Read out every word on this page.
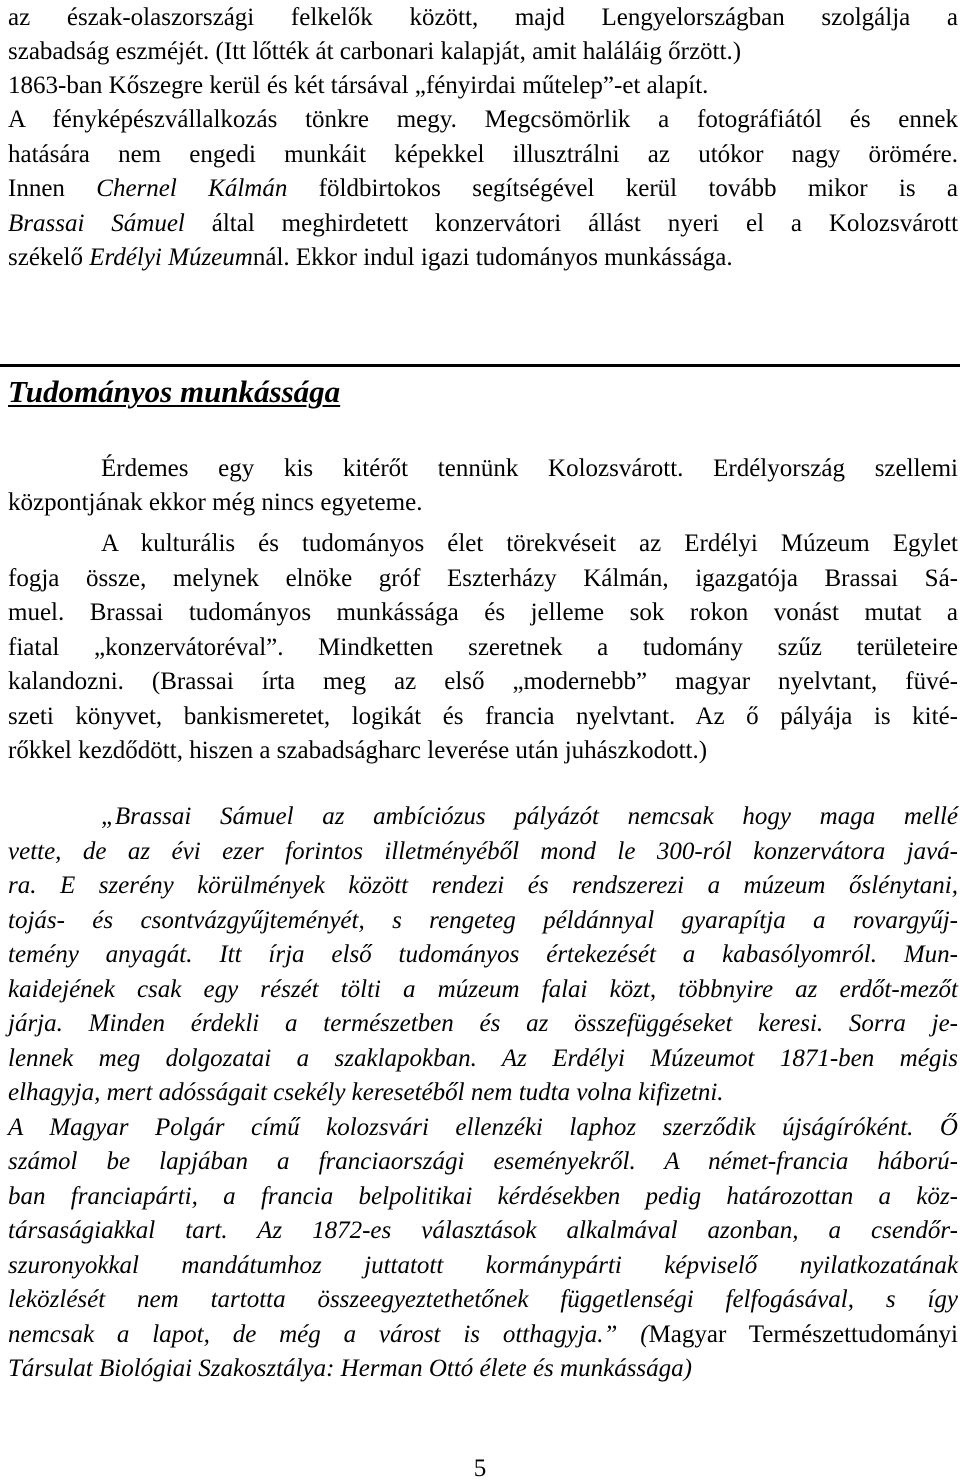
az észak-olaszországi felkelők között, majd Lengyelországban szolgálja a
szabadság eszméjét. (Itt lőtték át carbonari kalapját, amit haláláig őrzött.)
1863-ban Kőszegre kerül és két társával „fényirdai műtelep”-et alapít.
A fényképészvállalkozás tönkre megy. Megcsömörlik a fotográfiától és ennek
hatására nem engedi munkáit képekkel illusztrálni az utókor nagy örömére.
Innen Chernel Kálmán földbirtokos segítségével kerül tovább mikor is a
Brassai Sámuel által meghirdetett konzervátori állást nyeri el a Kolozsvárott
székelő Erdélyi Múzeumnál. Ekkor indul igazi tudományos munkássága.
Tudományos munkássága
Érdemes egy kis kitérőt tennünk Kolozsvárott. Erdélyország szellemi
központjának ekkor még nincs egyeteme.
A kulturális és tudományos élet törekvéseit az Erdélyi Múzeum Egylet
fogja össze, melynek elnöke gróf Eszterházy Kálmán, igazgatója Brassai Sá-
muel. Brassai tudományos munkássága és jelleme sok rokon vonást mutat a
fiatal „konzervátoréval”. Mindketten szeretnek a tudomány szűz területeire
kalandozni. (Brassai írta meg az első „modernebb” magyar nyelvtant, füvé-
szeti könyvet, bankismeretet, logikát és francia nyelvtant. Az ő pályája is kité-
rőkkel kezdődött, hiszen a szabadságharc leverése után juhászkodott.)
„Brassai Sámuel az ambíciózus pályázót nemcsak hogy maga mellé
vette, de az évi ezer forintos illetményéből mond le 300-ról konzervátora javá-
ra. E szerény körülmények között rendezi és rendszerezi a múzeum őslénytani,
tojás- és csontvázgyűjteményét, s rengeteg példánnyal gyarapítja a rovargyűj-
temény anyagát. Itt írja első tudományos értekezését a kabasólyomról. Mun-
kaidejének csak egy részét tölti a múzeum falai közt, többnyire az erdőt-mezőt
járja. Minden érdekli a természetben és az összefüggéseket keresi. Sorra je-
lennek meg dolgozatai a szaklapokban. Az Erdélyi Múzeumot 1871-ben mégis
elhagyja, mert adósságait csekély keresetéből nem tudta volna kifizetni.
A Magyar Polgár című kolozsvári ellenzéki laphoz szerződik újságíróként. Ő
számol be lapjában a franciaországi eseményekről. A német-francia háború-
ban franciapárti, a francia belpolitikai kérdésekben pedig határozottan a köz-
társaságiakkal tart. Az 1872-es választások alkalmával azonban, a csendőr-
szuronyokkal mandátumhoz juttatott kormánypárti képviselő nyilatkozatának
leközlését nem tartotta összeegyeztethetőnek függetlenségi felfogásával, s így
nemcsak a lapot, de még a várost is otthagyja.” (Magyar Természettudományi
Társulat Biológiai Szakosztálya: Herman Ottó élete és munkássága)
5
